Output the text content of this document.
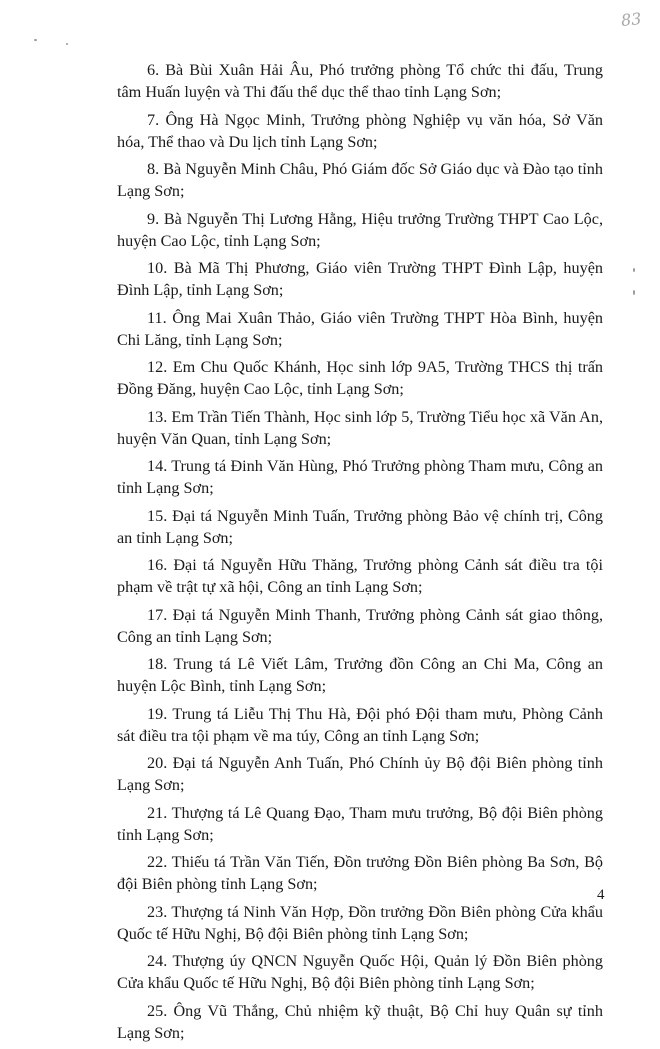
83
6. Bà Bùi Xuân Hải Âu, Phó trưởng phòng Tổ chức thi đấu, Trung tâm Huấn luyện và Thi đấu thể dục thể thao tỉnh Lạng Sơn;
7. Ông Hà Ngọc Minh, Trưởng phòng Nghiệp vụ văn hóa, Sở Văn hóa, Thể thao và Du lịch tỉnh Lạng Sơn;
8. Bà Nguyễn Minh Châu, Phó Giám đốc Sở Giáo dục và Đào tạo tỉnh Lạng Sơn;
9. Bà Nguyễn Thị Lương Hằng, Hiệu trưởng Trường THPT Cao Lộc, huyện Cao Lộc, tỉnh Lạng Sơn;
10. Bà Mã Thị Phương, Giáo viên Trường THPT Đình Lập, huyện Đình Lập, tỉnh Lạng Sơn;
11. Ông Mai Xuân Thảo, Giáo viên Trường THPT Hòa Bình, huyện Chi Lăng, tỉnh Lạng Sơn;
12. Em Chu Quốc Khánh, Học sinh lớp 9A5, Trường THCS thị trấn Đồng Đăng, huyện Cao Lộc, tỉnh Lạng Sơn;
13. Em Trần Tiến Thành, Học sinh lớp 5, Trường Tiểu học xã Văn An, huyện Văn Quan, tỉnh Lạng Sơn;
14. Trung tá Đinh Văn Hùng, Phó Trưởng phòng Tham mưu, Công an tỉnh Lạng Sơn;
15. Đại tá Nguyễn Minh Tuấn, Trưởng phòng Bảo vệ chính trị, Công an tỉnh Lạng Sơn;
16. Đại tá Nguyễn Hữu Thăng, Trưởng phòng Cảnh sát điều tra tội phạm về trật tự xã hội, Công an tỉnh Lạng Sơn;
17. Đại tá Nguyễn Minh Thanh, Trưởng phòng Cảnh sát giao thông, Công an tỉnh Lạng Sơn;
18. Trung tá Lê Viết Lâm, Trưởng đồn Công an Chi Ma, Công an huyện Lộc Bình, tỉnh Lạng Sơn;
19. Trung tá Liễu Thị Thu Hà, Đội phó Đội tham mưu, Phòng Cảnh sát điều tra tội phạm về ma túy, Công an tỉnh Lạng Sơn;
20. Đại tá Nguyễn Anh Tuấn, Phó Chính ủy Bộ đội Biên phòng tỉnh Lạng Sơn;
21. Thượng tá Lê Quang Đạo, Tham mưu trưởng, Bộ đội Biên phòng tỉnh Lạng Sơn;
22. Thiếu tá Trần Văn Tiến, Đồn trưởng Đồn Biên phòng Ba Sơn, Bộ đội Biên phòng tỉnh Lạng Sơn;
23. Thượng tá Ninh Văn Hợp, Đồn trưởng Đồn Biên phòng Cửa khẩu Quốc tế Hữu Nghị, Bộ đội Biên phòng tỉnh Lạng Sơn;
24. Thượng úy QNCN Nguyễn Quốc Hội, Quản lý Đồn Biên phòng Cửa khẩu Quốc tế Hữu Nghị, Bộ đội Biên phòng tỉnh Lạng Sơn;
25. Ông Vũ Thắng, Chủ nhiệm kỹ thuật, Bộ Chỉ huy Quân sự tỉnh Lạng Sơn;
4
